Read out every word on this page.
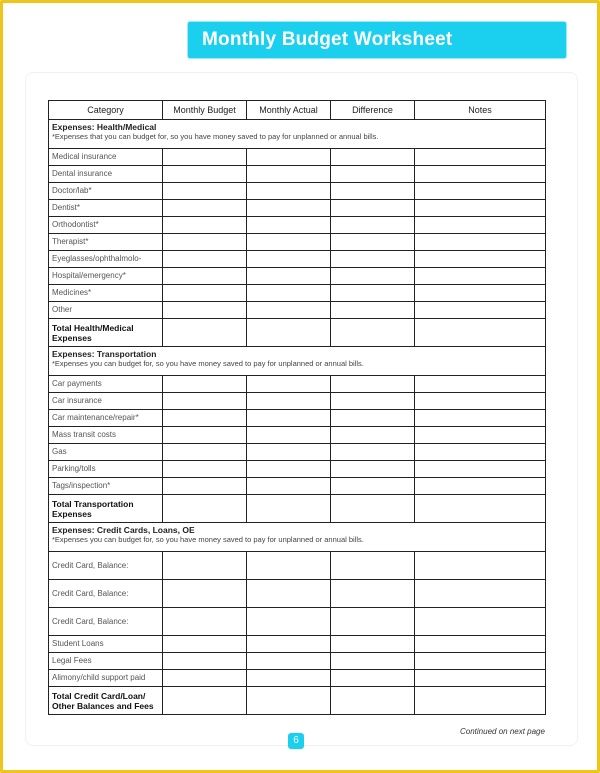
Monthly Budget Worksheet
Category	Monthly Budget	Monthly Actual	Difference	Notes

Expenses: Health/Medical
*Expenses that you can budget for, so you have money saved to pay for unplanned or annual bills.				

Medical insurance				
Dental insurance				
Doctor/lab*				
Dentist*				
Orthodontist*				
Therapist*				
Eyeglasses/ophthalmolo-				
Hospital/emergency*				
Medicines*				
Other				
Total Health/Medical Expenses				

Expenses: Transportation
*Expenses you can budget for, so you have money saved to pay for unplanned or annual bills.				

Car payments				
Car insurance				
Car maintenance/repair*				
Mass transit costs				
Gas				
Parking/tolls				
Tags/inspection*				
Total Transportation Expenses				

Expenses: Credit Cards, Loans, OE
*Expenses you can budget for, so you have money saved to pay for unplanned or annual bills.				

Credit Card, Balance:				
Credit Card, Balance:				
Credit Card, Balance:				
Student Loans				
Legal Fees				
Alimony/child support paid				
Total Credit Card/Loan/ Other Balances and Fees				
Continued on next page
6
